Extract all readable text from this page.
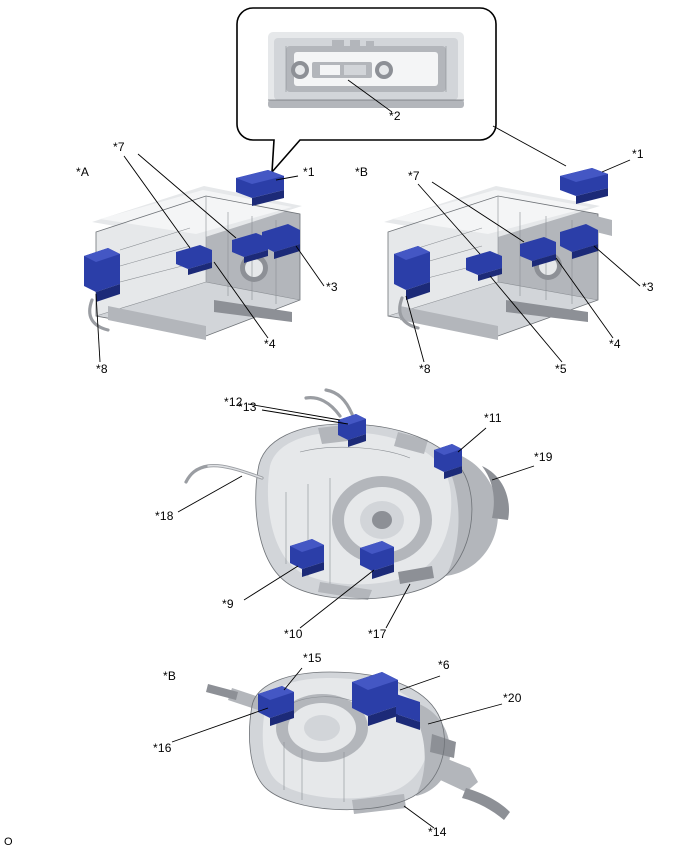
*2
*7
*1
*3
*4
*8
*7
*1
*3
*4
*5
*8
*12
*13
*11
*19
*18
*9
*10	*17
*15	*6
*20
*16
*14
*A	*B
*B
O
